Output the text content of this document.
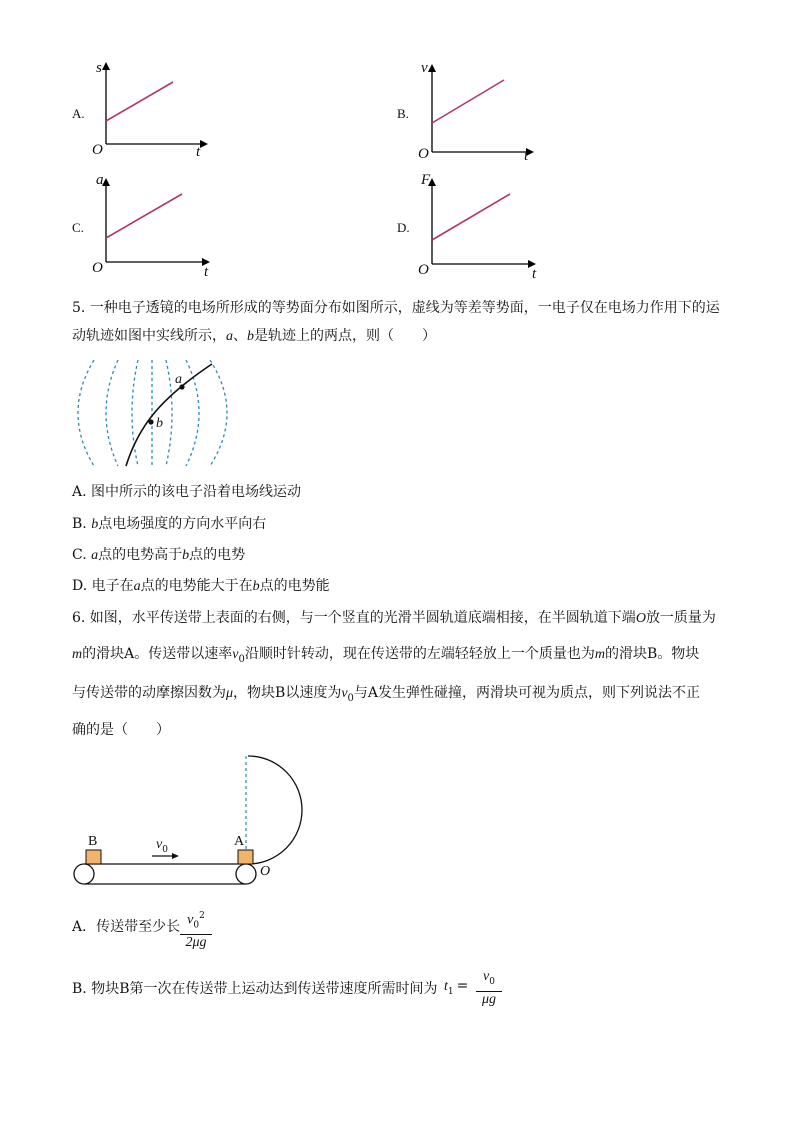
A.
s
O	t
B.
v
O	t
C.
a
O	t
D.
F
O	t
5. 一种电子透镜的电场所形成的等势面分布如图所示，虚线为等差等势面，一电子仅在电场力作用下的运
动轨迹如图中实线所示，a、b是轨迹上的两点，则（　　）
a
b
A. 图中所示的该电子沿着电场线运动
B. b点电场强度的方向水平向右
C. a点的电势高于b点的电势
D. 电子在a点的电势能大于在b点的电势能
6. 如图，水平传送带上表面的右侧，与一个竖直的光滑半圆轨道底端相接，在半圆轨道下端O放一质量为
m的滑块A。传送带以速率$v_0$沿顺时针转动，现在传送带的左端轻轻放上一个质量也为m的滑块B。物块
与传送带的动摩擦因数为μ，物块B以速度为$v_0$与A发生弹性碰撞，两滑块可视为质点，则下列说法不正
确的是（　　）
B	A
$v_0$
O
A．传送带至少长 $v_0^2$
2μg
B. 物块B第一次在传送带上运动达到传送带速度所需时间为 $t_1$ =
$v_0$
μg
